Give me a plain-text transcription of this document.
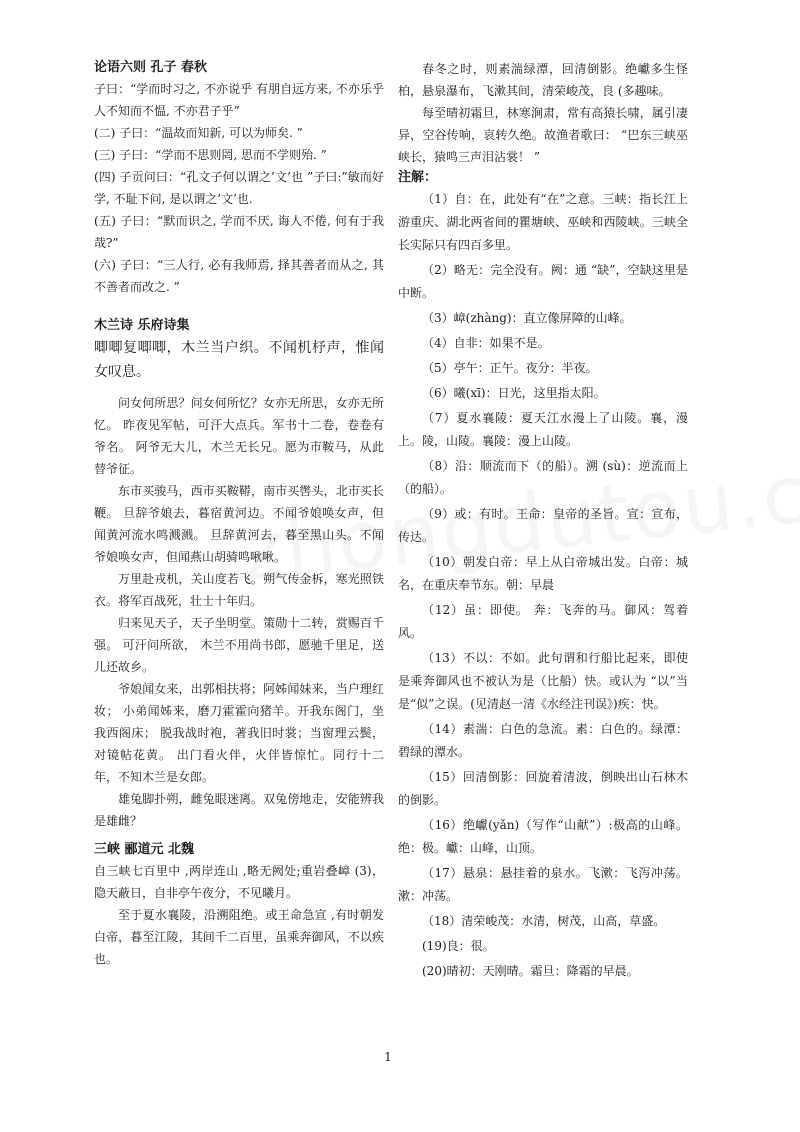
论语六则 孔子 春秋

子曰：“学而时习之, 不亦说乎 有朋自远方来, 不亦乐乎 人不知而不愠, 不亦君子乎”

(二) 子曰：“温故而知新, 可以为师矣. ”

(三) 子曰：“学而不思则罔, 思而不学则殆. ”

(四) 子贡问曰：“孔文子何以谓之’文’也 ”子曰:”敏而好学, 不耻下问, 是以谓之’文’也.

(五) 子曰：“默而识之, 学而不厌, 诲人不倦, 何有于我哉?”

(六) 子曰：“三人行, 必有我师焉, 择其善者而从之, 其不善者而改之. ”

木兰诗 乐府诗集

唧唧复唧唧，木兰当户织。不闻机杼声，惟闻女叹息。

问女何所思？问女何所忆？女亦无所思，女亦无所忆。 昨夜见军帖，可汗大点兵。军书十二卷，卷卷有爷名。 阿爷无大儿，木兰无长兄。愿为市鞍马，从此替爷征。

东市买骏马，西市买鞍鞯，南市买辔头，北市买长鞭。 旦辞爷娘去，暮宿黄河边。不闻爷娘唤女声，但闻黄河流水鸣溅溅。 旦辞黄河去，暮至黑山头。不闻爷娘唤女声，但闻燕山胡骑鸣啾啾。

万里赴戎机，关山度若飞。朔气传金柝，寒光照铁衣。将军百战死，壮士十年归。

归来见天子，天子坐明堂。策勋十二转，赏赐百千强。 可汗问所欲， 木兰不用尚书郎，愿驰千里足，送儿还故乡。

爷娘闻女来，出郭相扶将；阿姊闻妹来，当户理红妆； 小弟闻姊来，磨刀霍霍向猪羊。开我东阁门，坐我西阁床； 脱我战时袍，著我旧时裳；当窗理云鬓，对镜帖花黄。 出门看火伴，火伴皆惊忙。同行十二年，不知木兰是女郎。

雄兔脚扑朔，雌兔眼迷离。双兔傍地走，安能辨我是雄雌？

三峡 郦道元 北魏

自三峡七百里中 ,两岸连山 ,略无阙处;重岩叠嶂 (3)，隐天蔽日，自非亭午夜分，不见曦月。

至于夏水襄陵，沿溯阻绝。或王命急宣 ,有时朝发白帝，暮至江陵，其间千二百里，虽乘奔御风，不以疾也。

春冬之时，则素湍绿潭，回清倒影。绝巘多生怪柏，悬泉瀑布，飞漱其间，清荣峻茂，良 (多趣味。

每至晴初霜旦，林寒涧肃，常有高猿长啸，属引凄异，空谷传响，哀转久绝。故渔者歌曰： “巴东三峡巫峡长，猿鸣三声泪沾裳！ ”

注解：

（1）自：在，此处有“在”之意。三峡：指长江上游重庆、湖北两省间的瞿塘峡、巫峡和西陵峡。三峡全长实际只有四百多里。

（2）略无：完全没有。阙：通 “缺”，空缺这里是中断。

（3）嶂(zhàng)：直立像屏障的山峰。

（4）自非：如果不是。

（5）亭午：正午。夜分：半夜。

（6）曦(xī)：日光，这里指太阳。

（7）夏水襄陵：夏天江水漫上了山陵。襄，漫上。陵，山陵。襄陵：漫上山陵。

（8）沿：顺流而下（的船）。溯 (sù)：逆流而上（的船）。

（9）或：有时。王命：皇帝的圣旨。宣：宣布，传达。

（10）朝发白帝：早上从白帝城出发。白帝：城名，在重庆奉节东。朝：早晨

（12）虽：即使。 奔：飞奔的马。御风：驾着风。

（13）不以：不如。此句谓和行船比起来，即使是乘奔御风也不被认为是（比船）快。或认为 “以”当是“似”之误。(见清赵一清《水经注刊误》)疾：快。

（14）素湍：白色的急流。素：白色的。绿潭：碧绿的潭水。

（15）回清倒影：回旋着清波，倒映出山石林木的倒影。

（16）绝巘(yǎn)（写作“山献”）:极高的山峰。绝：极。巘：山峰，山顶。

（17）悬泉：悬挂着的泉水。飞漱：飞泻冲荡。漱：冲荡。

（18）清荣峻茂：水清，树茂，山高，草盛。

(19)良：很。

(20)晴初：天刚晴。霜旦：降霜的早晨。

1
